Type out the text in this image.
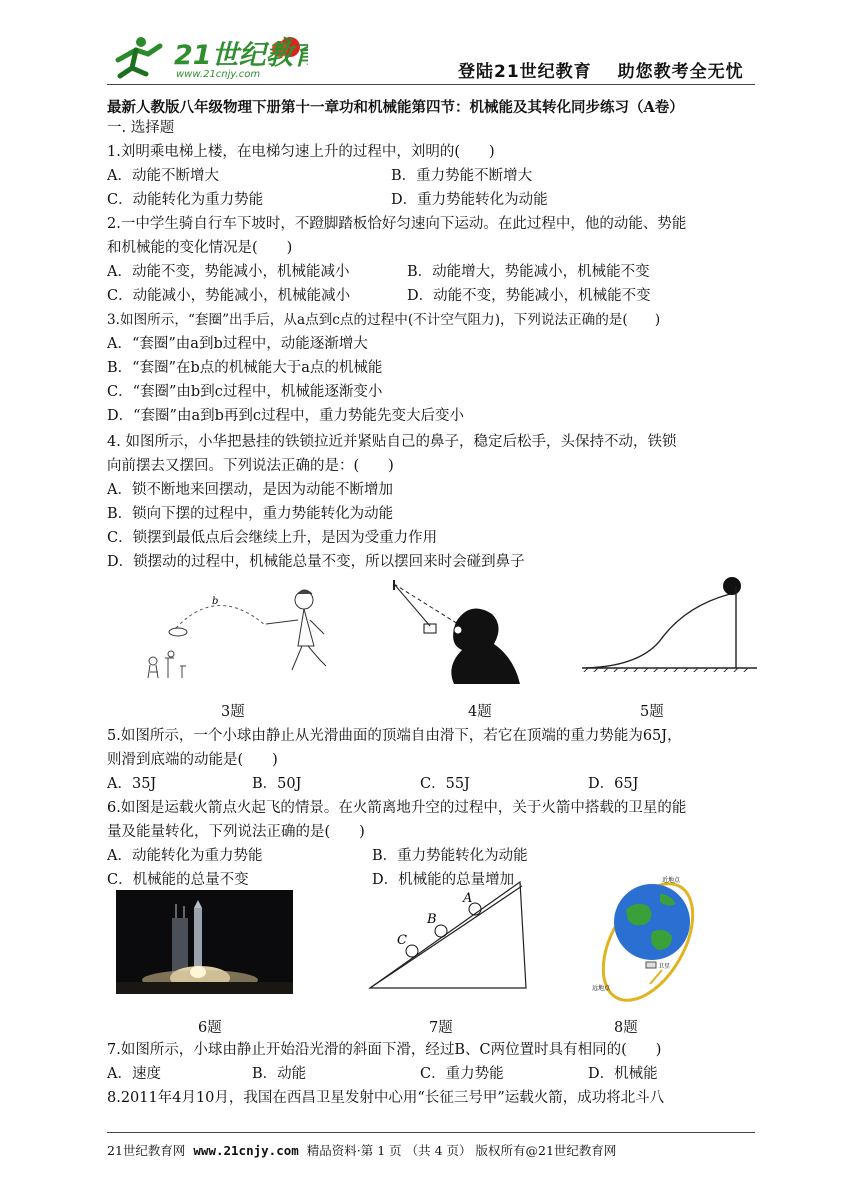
21世纪教育
www.21cnjy.com	登陆21世纪教育 助您教考全无忧
最新人教版八年级物理下册第十一章功和机械能第四节：机械能及其转化同步练习（A卷）
一. 选择题
1.刘明乘电梯上楼，在电梯匀速上升的过程中，刘明的(　　)
A．动能不断增大	B．重力势能不断增大
C．动能转化为重力势能	D．重力势能转化为动能
2.一中学生骑自行车下坡时，不蹬脚踏板恰好匀速向下运动。在此过程中，他的动能、势能
和机械能的变化情况是(　　)
A．动能不变，势能减小，机械能减小	B．动能增大，势能减小，机械能不变
C．动能减小，势能减小，机械能减小	D．动能不变，势能减小，机械能不变
3.如图所示，“套圈”出手后，从a点到c点的过程中(不计空气阻力)，下列说法正确的是(　　)
A．“套圈”由a到b过程中，动能逐渐增大
B．“套圈”在b点的机械能大于a点的机械能
C．“套圈”由b到c过程中，机械能逐渐变小
D．“套圈”由a到b再到c过程中，重力势能先变大后变小
4. 如图所示，小华把悬挂的铁锁拉近并紧贴自己的鼻子，稳定后松手，头保持不动，铁锁
向前摆去又摆回。下列说法正确的是：(　　)
A．锁不断地来回摆动，是因为动能不断增加
B．锁向下摆的过程中，重力势能转化为动能
C．锁摆到最低点后会继续上升，是因为受重力作用
D．锁摆动的过程中，机械能总量不变，所以摆回来时会碰到鼻子
b
3题	4题	5题
5.如图所示，一个小球由静止从光滑曲面的顶端自由滑下，若它在顶端的重力势能为65J，
则滑到底端的动能是(　　)
A．35J	B．50J	C．55J	D．65J
6.如图是运载火箭点火起飞的情景。在火箭离地升空的过程中，关于火箭中搭载的卫星的能
量及能量转化，下列说法正确的是(　　)
A．动能转化为重力势能	B．重力势能转化为动能
C．机械能的总量不变	D．机械能的总量增加
A
B
C
近地点
远地点
卫星
6题	7题	8题
7.如图所示，小球由静止开始沿光滑的斜面下滑，经过B、C两位置时具有相同的(　　)
A．速度	B．动能	C．重力势能	D．机械能
8.2011年4月10月，我国在西昌卫星发射中心用“长征三号甲”运载火箭，成功将北斗八
21世纪教育网 www.21cnjy.com 精品资料·第 1 页 （共 4 页） 版权所有@21世纪教育网
